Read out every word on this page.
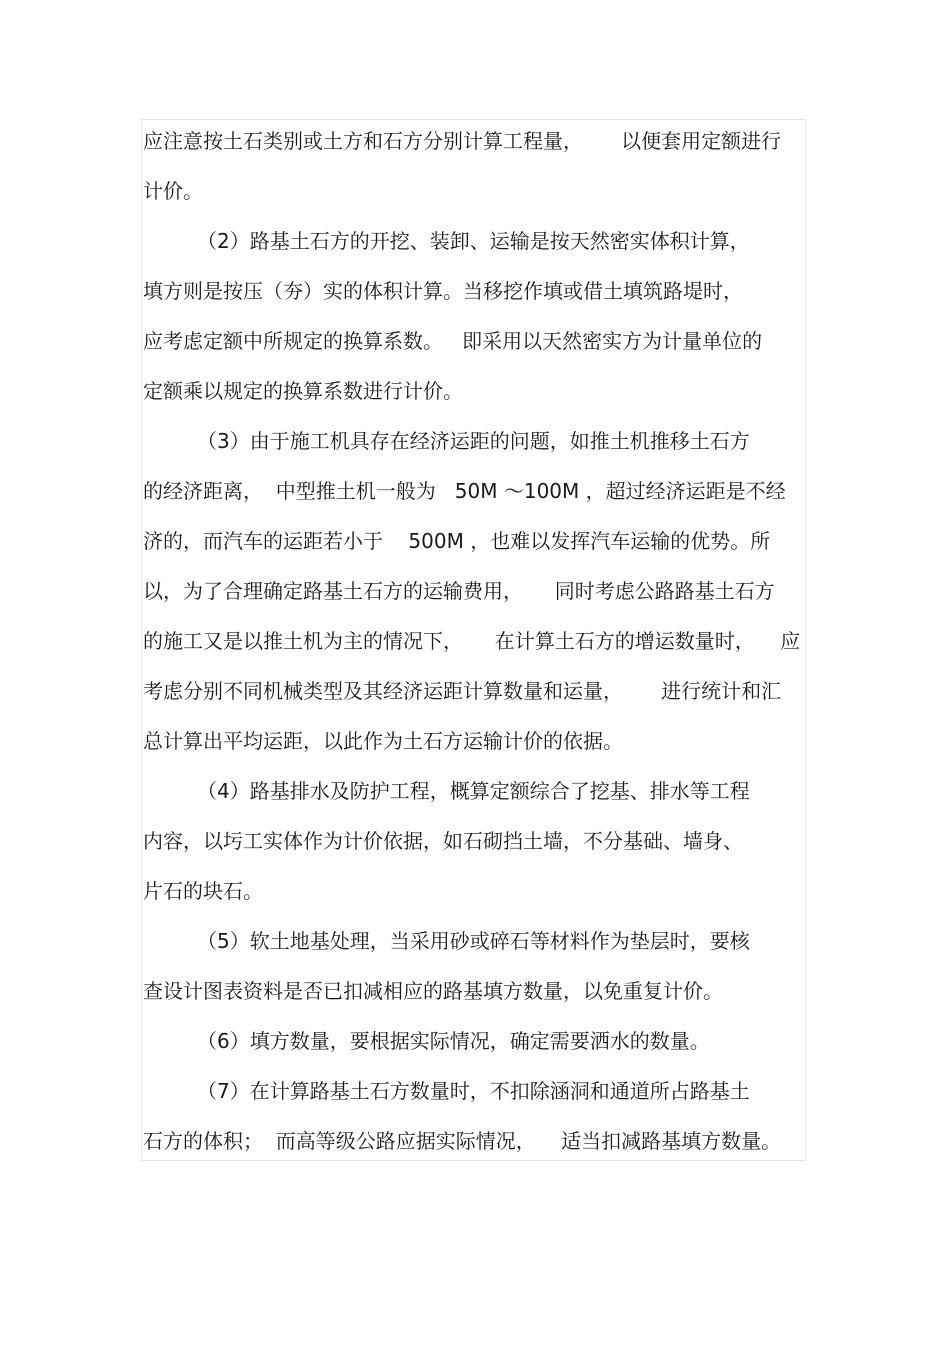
应注意按土石类别或土方和石方分别计算工程量，      以便套用定额进行
计价。
（2）路基土石方的开挖、装卸、运输是按天然密实体积计算，
填方则是按压（夯）实的体积计算。当移挖作填或借土填筑路堤时，
应考虑定额中所规定的换算系数。   即采用以天然密实方为计量单位的
定额乘以规定的换算系数进行计价。
（3）由于施工机具存在经济运距的问题，如推土机推移土石方
的经济距离，  中型推土机一般为   50M ～100M ，超过经济运距是不经
济的，而汽车的运距若小于    500M ，也难以发挥汽车运输的优势。所
以，为了合理确定路基土石方的运输费用，     同时考虑公路路基土石方
的施工又是以推土机为主的情况下，     在计算土石方的增运数量时，    应
考虑分别不同机械类型及其经济运距计算数量和运量，      进行统计和汇
总计算出平均运距，以此作为土石方运输计价的依据。
（4）路基排水及防护工程，概算定额综合了挖基、排水等工程
内容，以圬工实体作为计价依据，如石砌挡土墙，不分基础、墙身、
片石的块石。
（5）软土地基处理，当采用砂或碎石等材料作为垫层时，要核
查设计图表资料是否已扣减相应的路基填方数量，以免重复计价。
（6）填方数量，要根据实际情况，确定需要洒水的数量。
（7）在计算路基土石方数量时，不扣除涵洞和通道所占路基土
石方的体积；  而高等级公路应据实际情况，    适当扣减路基填方数量。
